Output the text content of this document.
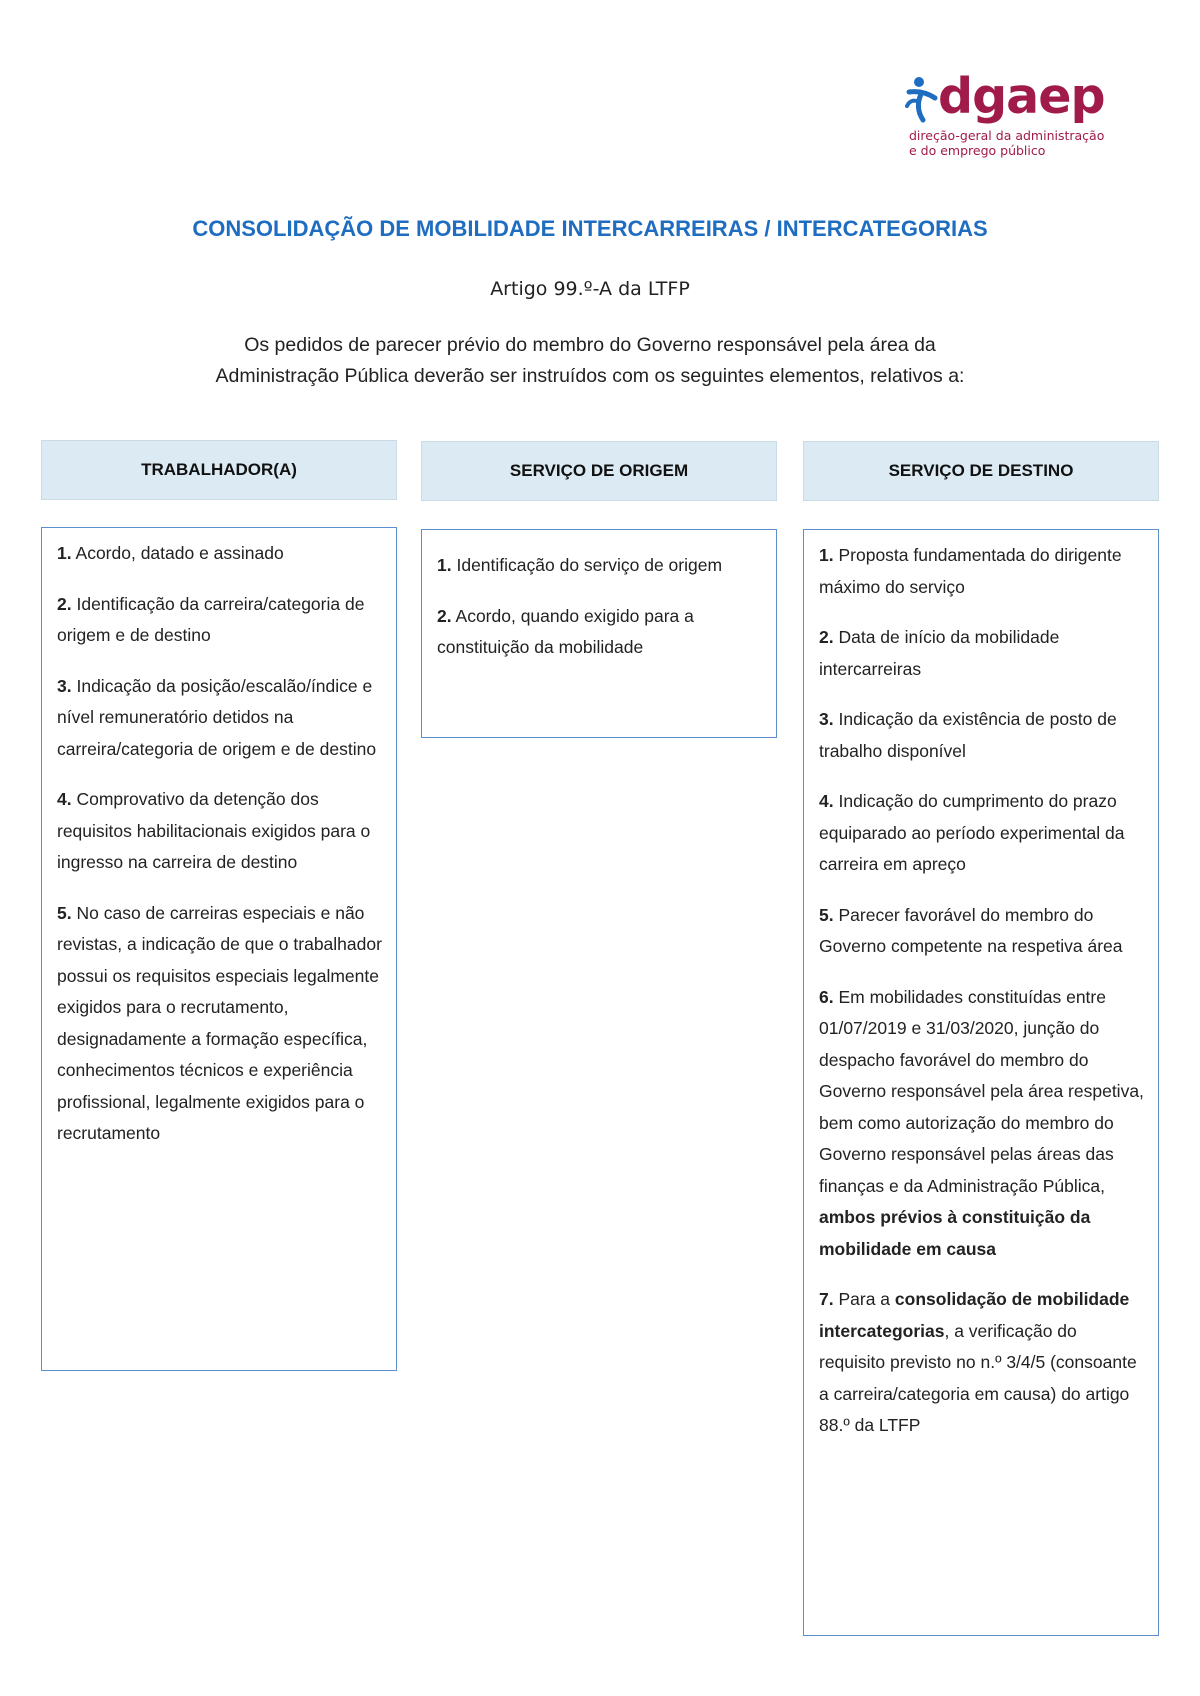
dgaep
direção-geral da administração
e do emprego público
CONSOLIDAÇÃO DE MOBILIDADE INTERCARREIRAS / INTERCATEGORIAS
Artigo 99.º-A da LTFP
Os pedidos de parecer prévio do membro do Governo responsável pela área da
Administração Pública deverão ser instruídos com os seguintes elementos, relativos a:
TRABALHADOR(A)	SERVIÇO DE ORIGEM	SERVIÇO DE DESTINO
1. Acordo, datado e assinado
2. Identificação da carreira/categoria de origem e de destino
3. Indicação da posição/escalão/índice e nível remuneratório detidos na carreira/categoria de origem e de destino
4. Comprovativo da detenção dos requisitos habilitacionais exigidos para o ingresso na carreira de destino
5. No caso de carreiras especiais e não revistas, a indicação de que o trabalhador possui os requisitos especiais legalmente exigidos para o recrutamento, designadamente a formação específica, conhecimentos técnicos e experiência profissional, legalmente exigidos para o recrutamento
1. Identificação do serviço de origem
2. Acordo, quando exigido para a constituição da mobilidade
1. Proposta fundamentada do dirigente máximo do serviço
2. Data de início da mobilidade intercarreiras
3. Indicação da existência de posto de trabalho disponível
4. Indicação do cumprimento do prazo equiparado ao período experimental da carreira em apreço
5. Parecer favorável do membro do Governo competente na respetiva área
6. Em mobilidades constituídas entre 01/07/2019 e 31/03/2020, junção do despacho favorável do membro do Governo responsável pela área respetiva, bem como autorização do membro do Governo responsável pelas áreas das finanças e da Administração Pública, ambos prévios à constituição da mobilidade em causa
7. Para a consolidação de mobilidade intercategorias, a verificação do requisito previsto no n.º 3/4/5 (consoante a carreira/categoria em causa) do artigo 88.º da LTFP
